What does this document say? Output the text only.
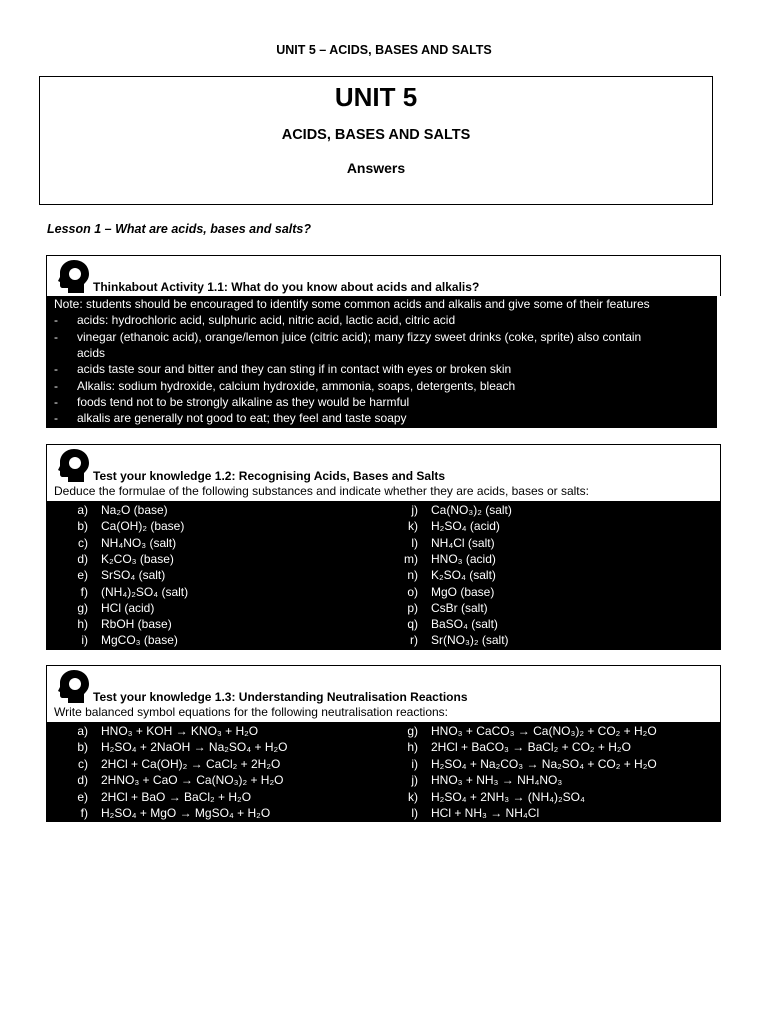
UNIT 5 – ACIDS, BASES AND SALTS
UNIT 5
ACIDS, BASES AND SALTS
Answers
Lesson 1 – What are acids, bases and salts?
Thinkabout Activity 1.1: What do you know about acids and alkalis?
Note: students should be encouraged to identify some common acids and alkalis and give some of their features
- acids: hydrochloric acid, sulphuric acid, nitric acid, lactic acid, citric acid
- vinegar (ethanoic acid), orange/lemon juice (citric acid); many fizzy sweet drinks (coke, sprite) also contain
acids
- acids taste sour and bitter and they can sting if in contact with eyes or broken skin
- Alkalis: sodium hydroxide, calcium hydroxide, ammonia, soaps, detergents, bleach
- foods tend not to be strongly alkaline as they would be harmful
- alkalis are generally not good to eat; they feel and taste soapy
Test your knowledge 1.2: Recognising Acids, Bases and Salts
Deduce the formulae of the following substances and indicate whether they are acids, bases or salts:
a) Na₂O (base)
b) Ca(OH)₂ (base)
c) NH₄NO₃ (salt)
d) K₂CO₃ (base)
e) SrSO₄ (salt)
f) (NH₄)₂SO₄ (salt)
g) HCl (acid)
h) RbOH (base)
i) MgCO₃ (base)
j) Ca(NO₃)₂ (salt)
k) H₂SO₄ (acid)
l) NH₄Cl (salt)
m) HNO₃ (acid)
n) K₂SO₄ (salt)
o) MgO (base)
p) CsBr (salt)
q) BaSO₄ (salt)
r) Sr(NO₃)₂ (salt)
Test your knowledge 1.3: Understanding Neutralisation Reactions
Write balanced symbol equations for the following neutralisation reactions:
a) HNO₃ + KOH → KNO₃ + H₂O
b) H₂SO₄ + 2NaOH → Na₂SO₄ + H₂O
c) 2HCl + Ca(OH)₂ → CaCl₂ + 2H₂O
d) 2HNO₃ + CaO → Ca(NO₃)₂ + H₂O
e) 2HCl + BaO → BaCl₂ + H₂O
f) H₂SO₄ + MgO → MgSO₄ + H₂O
g) HNO₃ + CaCO₃ → Ca(NO₃)₂ + CO₂ + H₂O
h) 2HCl + BaCO₃ → BaCl₂ + CO₂ + H₂O
i) H₂SO₄ + Na₂CO₃ → Na₂SO₄ + CO₂ + H₂O
j) HNO₃ + NH₃ → NH₄NO₃
k) H₂SO₄ + 2NH₃ → (NH₄)₂SO₄
l) HCl + NH₃ → NH₄Cl
